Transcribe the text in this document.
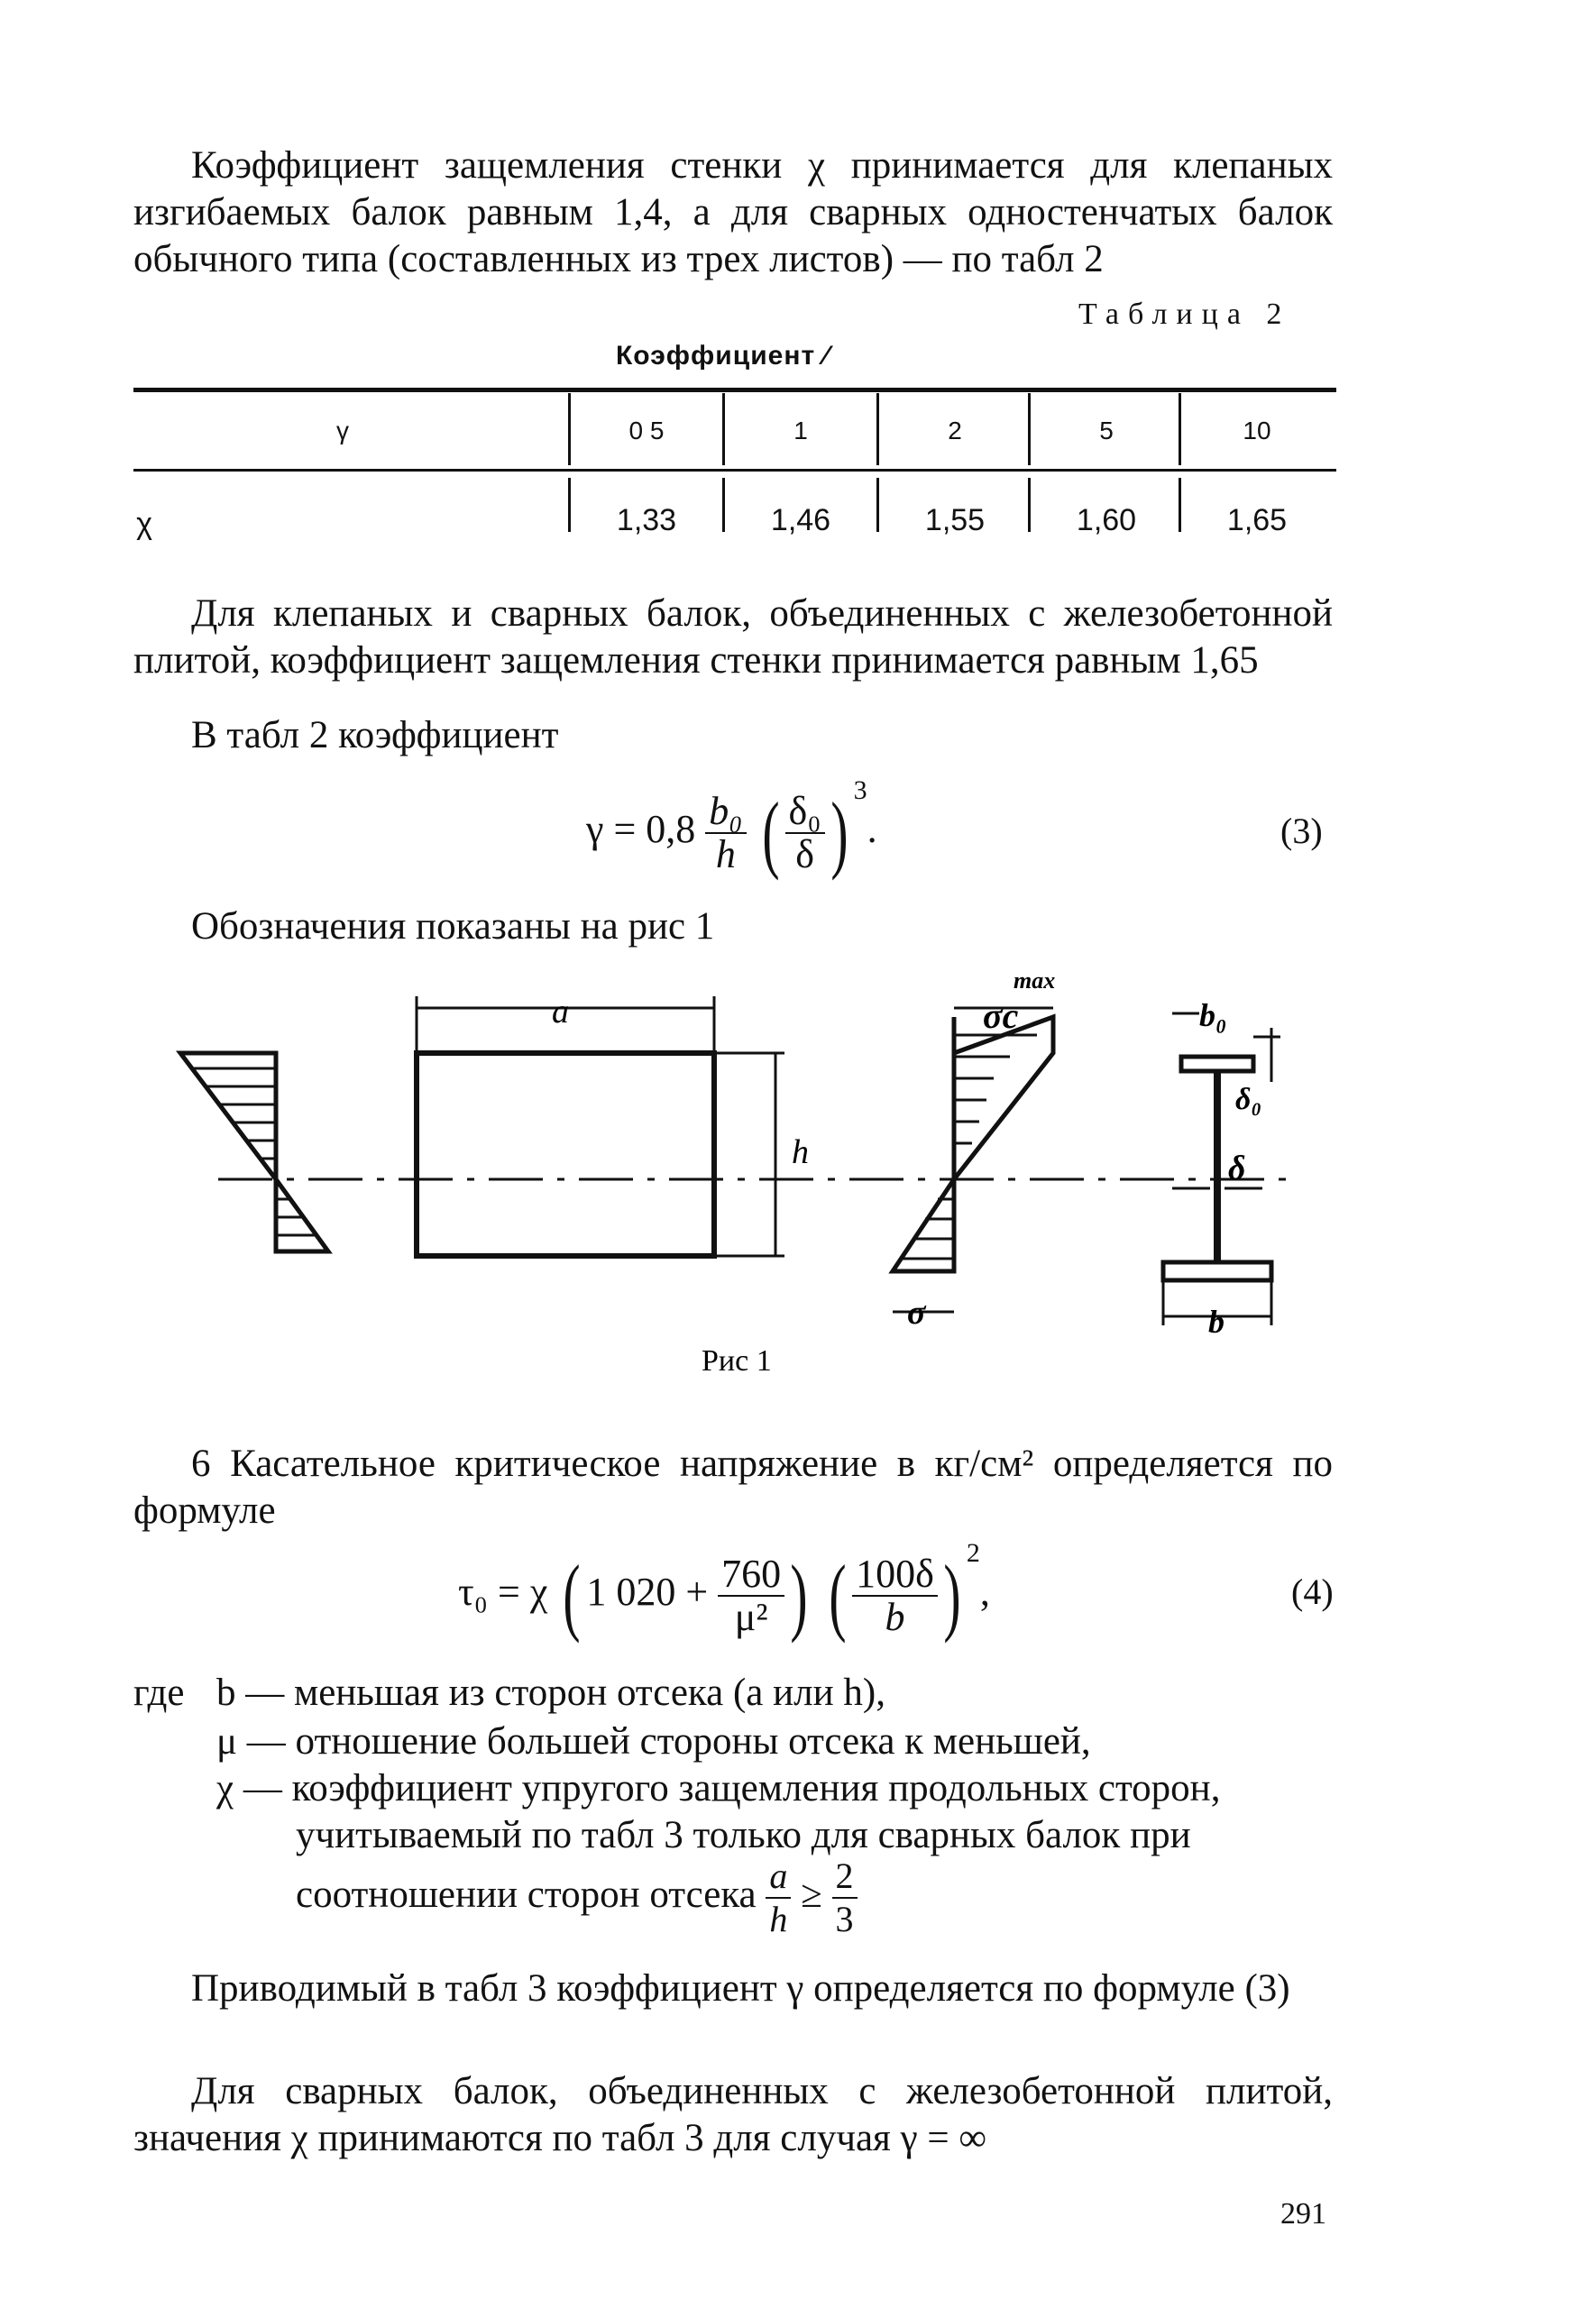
Коэффициент защемления стенки χ принимается для клепаных изгибаемых балок равным 1,4, а для сварных одностенчатых балок обычного типа (составленных из трех листов) — по табл 2
Таблица 2
Коэффициент ⁄
γ	0 5	1	2	5	10
χ	1,33	1,46	1,55	1,60	1,65
Для клепаных и сварных балок, объединенных с железобетонной плитой, коэффициент защемления стенки принимается равным 1,65
В табл 2 коэффициент
$\gamma = 0,8 \frac{\text{b₀}}{h}$ ( $\frac{\text{δ₀}}{\delta}$ ) $^3$.	(3)
Обозначения показаны на рис 1
a
h
σc
max
σ
b₀
δ₀
δ
b
Рис 1
6 Касательное критическое напряжение в кг/см² определяется по формуле
τ₀ = χ ( 1 $020 + \frac{760}{\text{μ²}}$ ) ( $\frac{100\delta}{b}$ ) $^2$,	(4)
где b — меньшая из сторон отсека (a или h),
μ — отношение большей стороны отсека к меньшей,
χ — коэффициент упругого защемления продольных сторон,
учитываемый по табл 3 только для сварных балок при
соотношении сторон отсека $\frac{a}{h} \ge \frac{2}{3}$
Приводимый в табл 3 коэффициент γ определяется по формуле (3)
Для сварных балок, объединенных с железобетонной плитой, значения χ принимаются по табл 3 для случая γ = ∞
291
